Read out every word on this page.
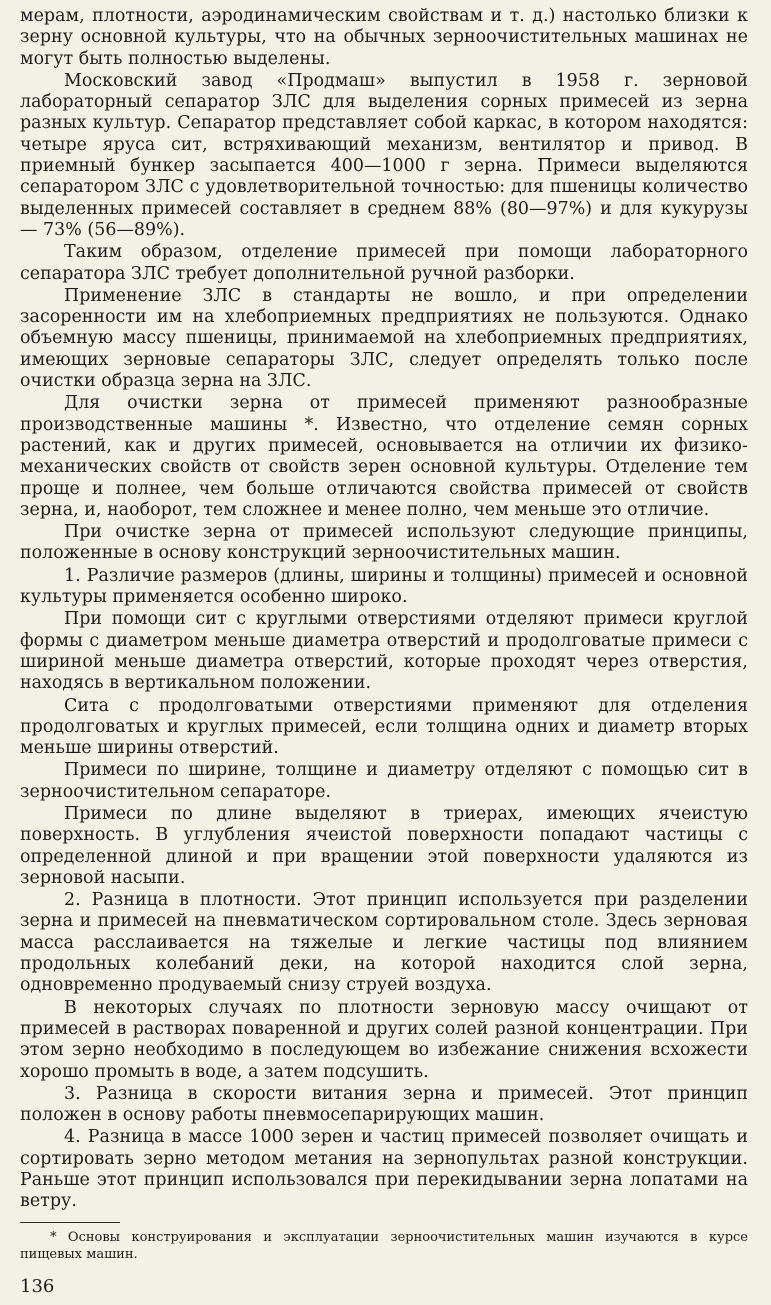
мерам, плотности, аэродинамическим свойствам и т. д.) настолько близки к зерну основной культуры, что на обычных зерноочистительных машинах не могут быть полностью выделены.

Московский завод «Продмаш» выпустил в 1958 г. зерновой лабораторный сепаратор ЗЛС для выделения сорных примесей из зерна разных культур. Сепаратор представляет собой каркас, в котором находятся: четыре яруса сит, встряхивающий механизм, вентилятор и привод. В приемный бункер засыпается 400—1000 г зерна. Примеси выделяются сепаратором ЗЛС с удовлетворительной точностью: для пшеницы количество выделенных примесей составляет в среднем 88% (80—97%) и для кукурузы — 73% (56—89%).

Таким образом, отделение примесей при помощи лабораторного сепаратора ЗЛС требует дополнительной ручной разборки.

Применение ЗЛС в стандарты не вошло, и при определении засоренности им на хлебоприемных предприятиях не пользуются. Однако объемную массу пшеницы, принимаемой на хлебоприемных предприятиях, имеющих зерновые сепараторы ЗЛС, следует определять только после очистки образца зерна на ЗЛС.

Для очистки зерна от примесей применяют разнообразные производственные машины *. Известно, что отделение семян сорных растений, как и других примесей, основывается на отличии их физико-механических свойств от свойств зерен основной культуры. Отделение тем проще и полнее, чем больше отличаются свойства примесей от свойств зерна, и, наоборот, тем сложнее и менее полно, чем меньше это отличие.

При очистке зерна от примесей используют следующие принципы, положенные в основу конструкций зерноочистительных машин.

1. Различие размеров (длины, ширины и толщины) примесей и основной культуры применяется особенно широко.

При помощи сит с круглыми отверстиями отделяют примеси круглой формы с диаметром меньше диаметра отверстий и продолговатые примеси с шириной меньше диаметра отверстий, которые проходят через отверстия, находясь в вертикальном положении.

Сита с продолговатыми отверстиями применяют для отделения продолговатых и круглых примесей, если толщина одних и диаметр вторых меньше ширины отверстий.

Примеси по ширине, толщине и диаметру отделяют с помощью сит в зерноочистительном сепараторе.

Примеси по длине выделяют в триерах, имеющих ячеистую поверхность. В углубления ячеистой поверхности попадают частицы с определенной длиной и при вращении этой поверхности удаляются из зерновой насыпи.

2. Разница в плотности. Этот принцип используется при разделении зерна и примесей на пневматическом сортировальном столе. Здесь зерновая масса расслаивается на тяжелые и легкие частицы под влиянием продольных колебаний деки, на которой находится слой зерна, одновременно продуваемый снизу струей воздуха.

В некоторых случаях по плотности зерновую массу очищают от примесей в растворах поваренной и других солей разной концентрации. При этом зерно необходимо в последующем во избежание снижения всхожести хорошо промыть в воде, а затем подсушить.

3. Разница в скорости витания зерна и примесей. Этот принцип положен в основу работы пневмосепарирующих машин.

4. Разница в массе 1000 зерен и частиц примесей позволяет очищать и сортировать зерно методом метания на зернопультах разной конструкции. Раньше этот принцип использовался при перекидывании зерна лопатами на ветру.

* Основы конструирования и эксплуатации зерноочистительных машин изучаются в курсе пищевых машин.

136
